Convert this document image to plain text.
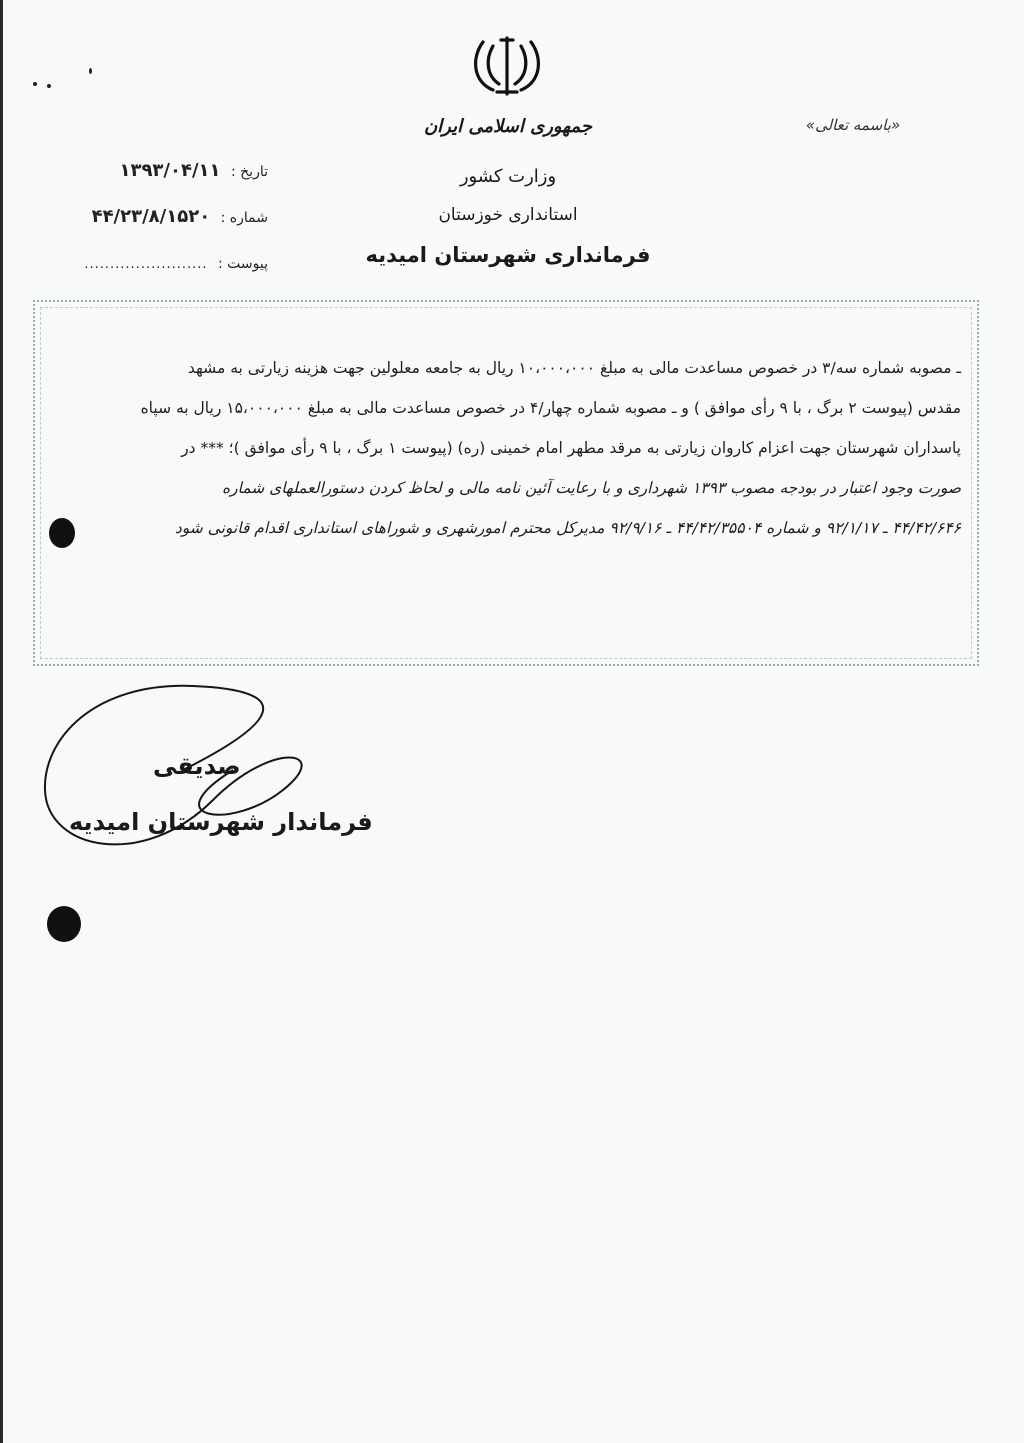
«باسمه تعالی»
جمهوری اسلامی ایران
وزارت کشور
استانداری خوزستان
فرمانداری شهرستان امیدیه
تاریخ : ۱۳۹۳/۰۴/۱۱
شماره : ۴۴/۲۳/۸/۱۵۲۰
پیوست : ........................

ـ مصوبه شماره سه/۳ در خصوص مساعدت مالی به مبلغ ۱۰،۰۰۰،۰۰۰ ریال به جامعه معلولین جهت هزینه زیارتی به مشهد

مقدس (پیوست ۲ برگ ، با ۹ رأی موافق ) و ـ مصوبه شماره چهار/۴ در خصوص مساعدت مالی به مبلغ ۱۵،۰۰۰،۰۰۰ ریال به سپاه

پاسداران شهرستان جهت اعزام کاروان زیارتی به مرقد مطهر امام خمینی (ره) (پیوست ۱ برگ ، با ۹ رأی موافق )؛ *** در

صورت وجود اعتبار در بودجه مصوب ۱۳۹۳ شهرداری و با رعایت آئین نامه مالی و لحاظ کردن دستورالعملهای شماره

۴۴/۴۲/۶۴۶ ـ ۹۲/۱/۱۷ و شماره ۴۴/۴۲/۳۵۵۰۴ ـ ۹۲/۹/۱۶ مدیرکل محترم امورشهری و شوراهای استانداری اقدام قانونی شود

صدیقی
فرماندار شهرستان امیدیه
